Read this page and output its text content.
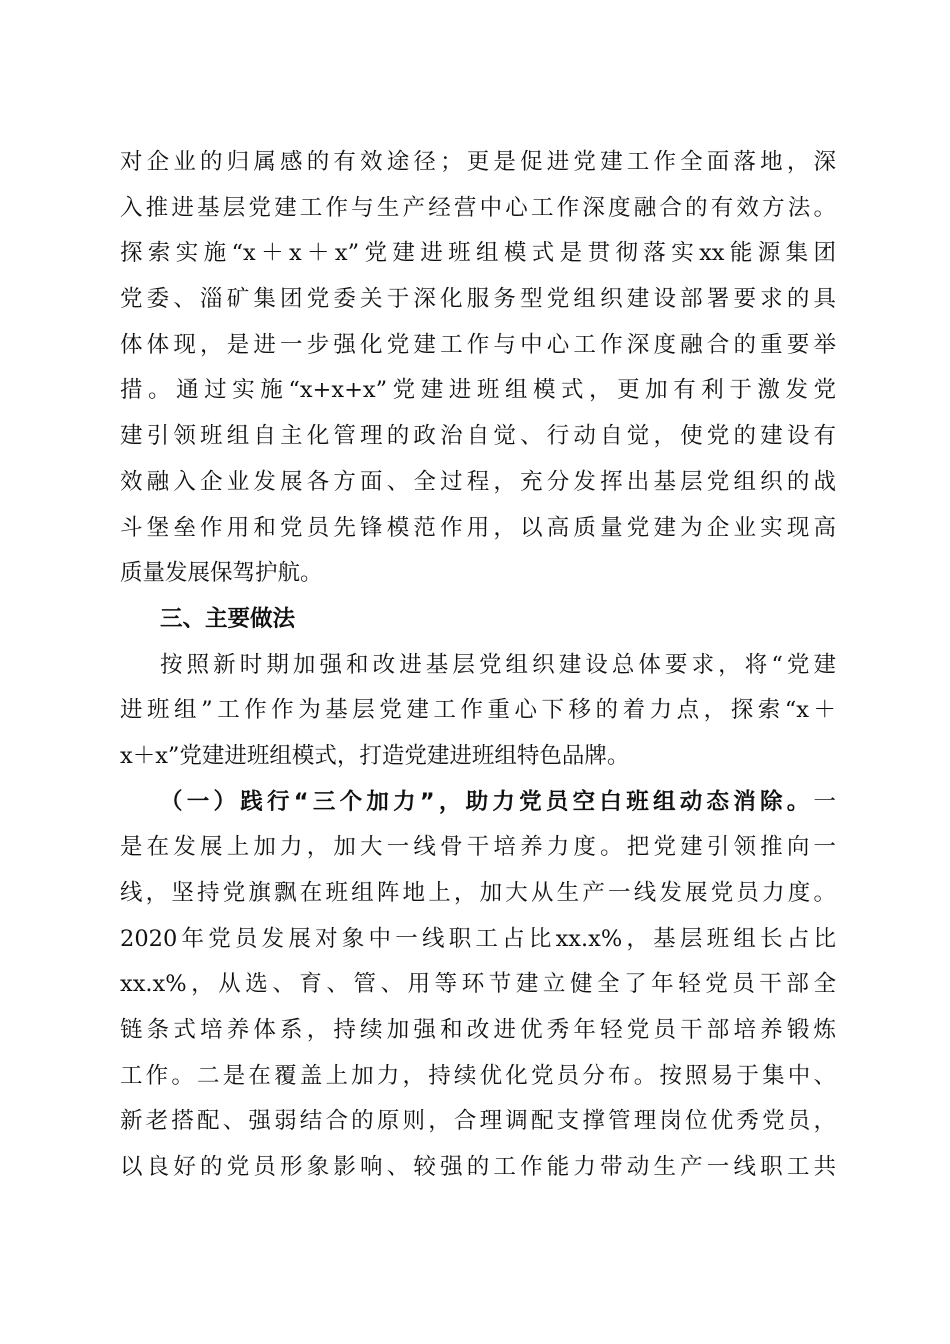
对企业的归属感的有效途径；更是促进党建工作全面落地，深
入推进基层党建工作与生产经营中心工作深度融合的有效方法。
探索实施“x＋x＋x”党建进班组模式是贯彻落实xx能源集团
党委、淄矿集团党委关于深化服务型党组织建设部署要求的具
体体现，是进一步强化党建工作与中心工作深度融合的重要举
措。通过实施“x+x+x”党建进班组模式，更加有利于激发党
建引领班组自主化管理的政治自觉、行动自觉，使党的建设有
效融入企业发展各方面、全过程，充分发挥出基层党组织的战
斗堡垒作用和党员先锋模范作用，以高质量党建为企业实现高
质量发展保驾护航。
三、主要做法
按照新时期加强和改进基层党组织建设总体要求，将“党建
进班组”工作作为基层党建工作重心下移的着力点，探索“x＋
x＋x”党建进班组模式，打造党建进班组特色品牌。
（一）践行“三个加力”，助力党员空白班组动态消除。一
是在发展上加力，加大一线骨干培养力度。把党建引领推向一
线，坚持党旗飘在班组阵地上，加大从生产一线发展党员力度。
2020年党员发展对象中一线职工占比xx.x%，基层班组长占比
xx.x%，从选、育、管、用等环节建立健全了年轻党员干部全
链条式培养体系，持续加强和改进优秀年轻党员干部培养锻炼
工作。二是在覆盖上加力，持续优化党员分布。按照易于集中、
新老搭配、强弱结合的原则，合理调配支撑管理岗位优秀党员，
以良好的党员形象影响、较强的工作能力带动生产一线职工共
